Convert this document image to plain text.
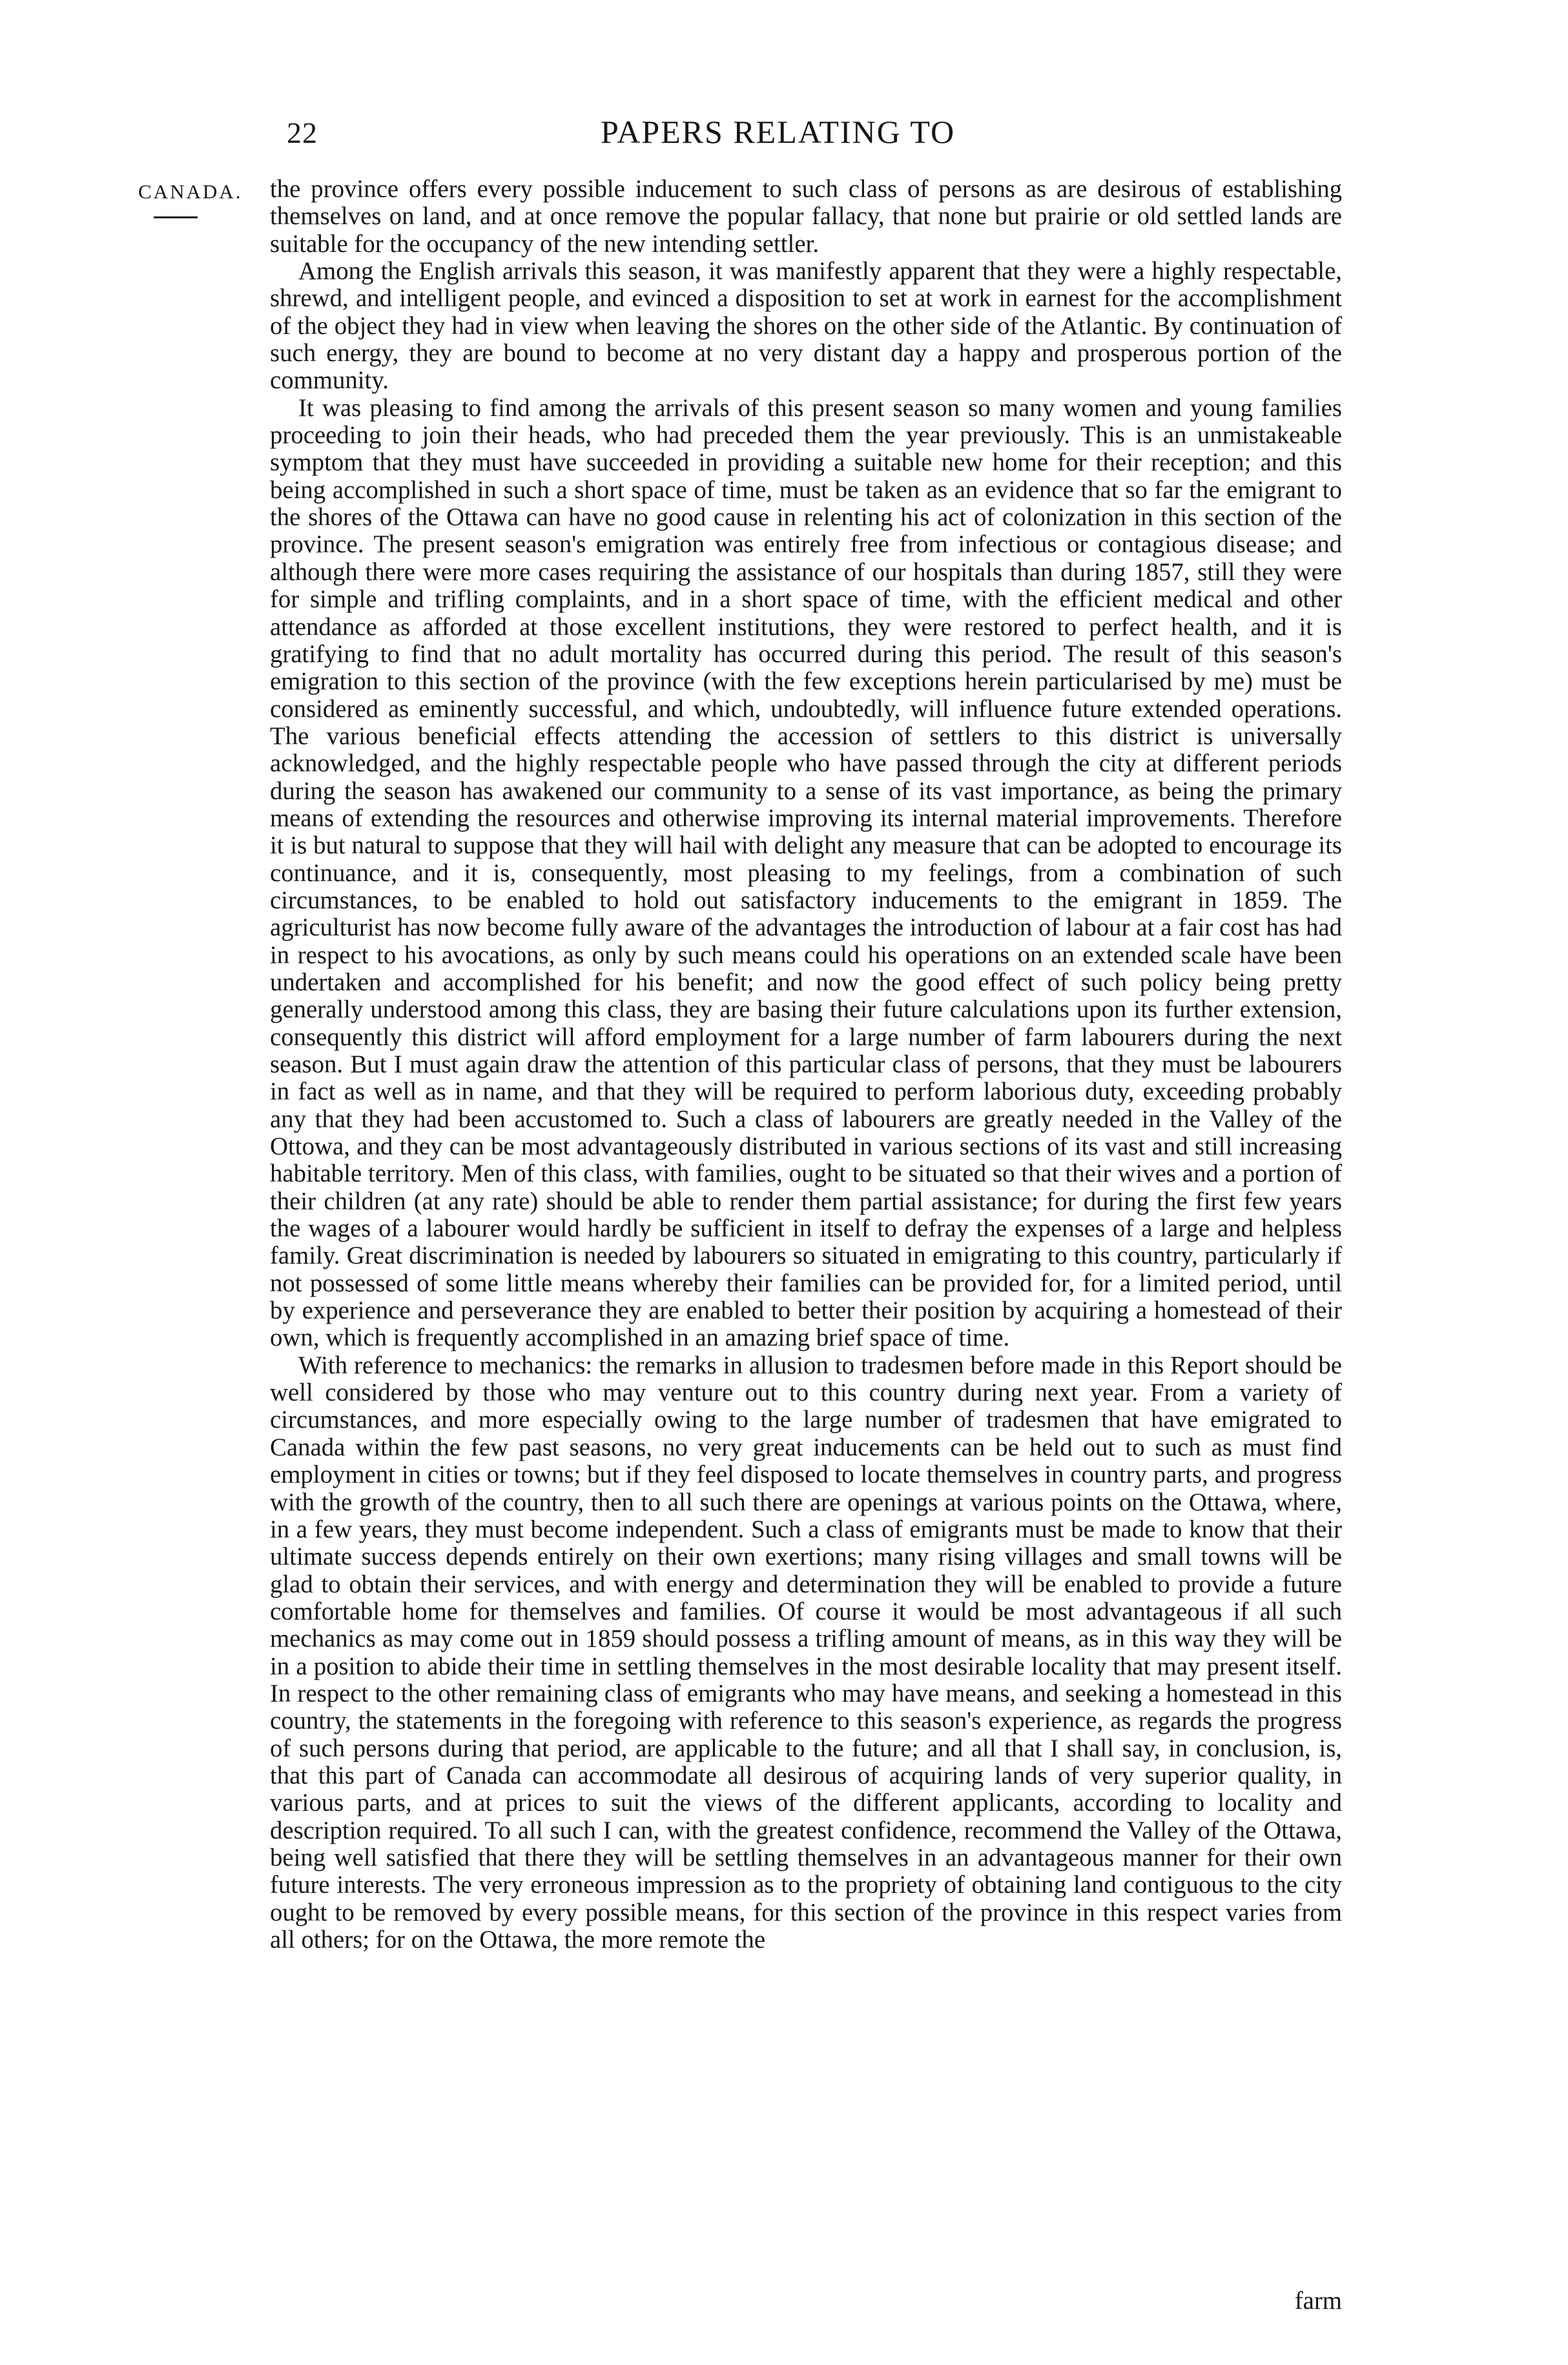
22	PAPERS RELATING TO
CANADA. the province offers every possible inducement to such class of persons as are desirous of establishing themselves on land, and at once remove the popular fallacy, that none but prairie or old settled lands are suitable for the occupancy of the new intending settler.

Among the English arrivals this season, it was manifestly apparent that they were a highly respectable, shrewd, and intelligent people, and evinced a disposition to set at work in earnest for the accomplishment of the object they had in view when leaving the shores on the other side of the Atlantic. By continuation of such energy, they are bound to become at no very distant day a happy and prosperous portion of the community.

It was pleasing to find among the arrivals of this present season so many women and young families proceeding to join their heads, who had preceded them the year previously. This is an unmistakeable symptom that they must have succeeded in providing a suitable new home for their reception; and this being accomplished in such a short space of time, must be taken as an evidence that so far the emigrant to the shores of the Ottawa can have no good cause in relenting his act of colonization in this section of the province. The present season's emigration was entirely free from infectious or contagious disease; and although there were more cases requiring the assistance of our hospitals than during 1857, still they were for simple and trifling complaints, and in a short space of time, with the efficient medical and other attendance as afforded at those excellent institutions, they were restored to perfect health, and it is gratifying to find that no adult mortality has occurred during this period. The result of this season's emigration to this section of the province (with the few exceptions herein particularised by me) must be considered as eminently successful, and which, undoubtedly, will influence future extended operations. The various beneficial effects attending the accession of settlers to this district is universally acknowledged, and the highly respectable people who have passed through the city at different periods during the season has awakened our community to a sense of its vast importance, as being the primary means of extending the resources and otherwise improving its internal material improvements. Therefore it is but natural to suppose that they will hail with delight any measure that can be adopted to encourage its continuance, and it is, consequently, most pleasing to my feelings, from a combination of such circumstances, to be enabled to hold out satisfactory inducements to the emigrant in 1859. The agriculturist has now become fully aware of the advantages the introduction of labour at a fair cost has had in respect to his avocations, as only by such means could his operations on an extended scale have been undertaken and accomplished for his benefit; and now the good effect of such policy being pretty generally understood among this class, they are basing their future calculations upon its further extension, consequently this district will afford employment for a large number of farm labourers during the next season. But I must again draw the attention of this particular class of persons, that they must be labourers in fact as well as in name, and that they will be required to perform laborious duty, exceeding probably any that they had been accustomed to. Such a class of labourers are greatly needed in the Valley of the Ottowa, and they can be most advantageously distributed in various sections of its vast and still increasing habitable territory. Men of this class, with families, ought to be situated so that their wives and a portion of their children (at any rate) should be able to render them partial assistance; for during the first few years the wages of a labourer would hardly be sufficient in itself to defray the expenses of a large and helpless family. Great discrimination is needed by labourers so situated in emigrating to this country, particularly if not possessed of some little means whereby their families can be provided for, for a limited period, until by experience and perseverance they are enabled to better their position by acquiring a homestead of their own, which is frequently accomplished in an amazing brief space of time.

With reference to mechanics: the remarks in allusion to tradesmen before made in this Report should be well considered by those who may venture out to this country during next year. From a variety of circumstances, and more especially owing to the large number of tradesmen that have emigrated to Canada within the few past seasons, no very great inducements can be held out to such as must find employment in cities or towns; but if they feel disposed to locate themselves in country parts, and progress with the growth of the country, then to all such there are openings at various points on the Ottawa, where, in a few years, they must become independent. Such a class of emigrants must be made to know that their ultimate success depends entirely on their own exertions; many rising villages and small towns will be glad to obtain their services, and with energy and determination they will be enabled to provide a future comfortable home for themselves and families. Of course it would be most advantageous if all such mechanics as may come out in 1859 should possess a trifling amount of means, as in this way they will be in a position to abide their time in settling themselves in the most desirable locality that may present itself. In respect to the other remaining class of emigrants who may have means, and seeking a homestead in this country, the statements in the foregoing with reference to this season's experience, as regards the progress of such persons during that period, are applicable to the future; and all that I shall say, in conclusion, is, that this part of Canada can accommodate all desirous of acquiring lands of very superior quality, in various parts, and at prices to suit the views of the different applicants, according to locality and description required. To all such I can, with the greatest confidence, recommend the Valley of the Ottawa, being well satisfied that there they will be settling themselves in an advantageous manner for their own future interests. The very erroneous impression as to the propriety of obtaining land contiguous to the city ought to be removed by every possible means, for this section of the province in this respect varies from all others; for on the Ottawa, the more remote the

farm
